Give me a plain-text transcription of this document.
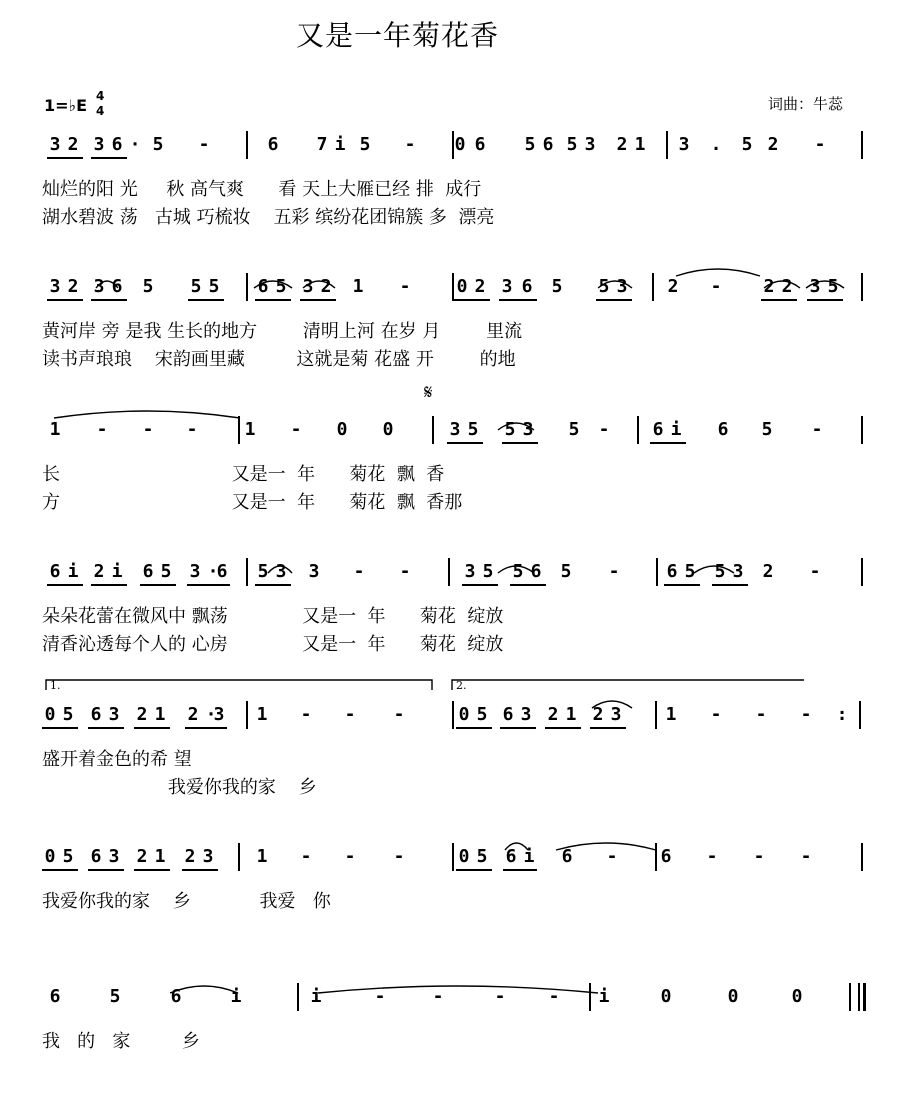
又是一年菊花香
1=♭E 4
4	词曲：牛蕊
𝄋
1.	2.
3 2 3 6 · 5 -	6 7 i 5 - 0 6 5 6 5 3 2 1 3 . 5 2 -
灿烂的阳 光     秋 高气爽      看 天上大雁已经 排  成行
湖水碧波 荡   古城 巧梳妆    五彩 缤纷花团锦簇 多  漂亮
3 2 3 6 5 5 5 6 5 3 2 1 -	0 2 3 6 5 5 3 2 - 2 2 3 5
黄河岸 旁 是我 生长的地方        清明上河 在岁 月        里流
读书声琅琅    宋韵画里藏         这就是菊 花盛 开        的地
1 - - -	1 - 0 0	3 5 5 3 5 - 6 i 6 5 -
长                              又是一  年      菊花  飘  香
方                              又是一  年      菊花  飘  香那
6 i 2 i 6 5 3 ·
6 5 3 3 - -	3 5 5 6 5 -	6 5 5 3 2 -
朵朵花蕾在微风中 飘荡             又是一  年      菊花  绽放
清香沁透每个人的 心房             又是一  年      菊花  绽放
0 5 6 3 2 1 2 ·
3 1 - - -	0 5 6 3 2 1 2 3 1 - - - :
盛开着金色的希 望
我爱你我的家    乡
0 5 6 3 2 1 2 3 1 - - -	0 5 6 i 6 - 6 - - -
我爱你我的家    乡            我爱   你
6	5	6	i	i	-	-	- - i	0	0	0
我   的   家         乡
